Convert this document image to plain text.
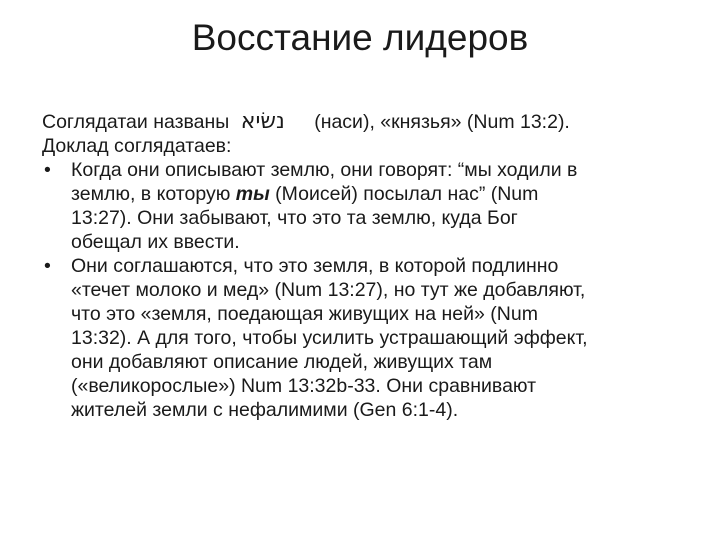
Восстание лидеров
Соглядатаи названы נשׂיא (наси), «князья» (Num 13:2).
Доклад соглядатаев:
• Когда они описывают землю, они говорят: “мы ходили в
землю, в которую ты (Моисей) посылал нас” (Num
13:27). Они забывают, что это та землю, куда Бог
обещал их ввести.
• Они соглашаются, что это земля, в которой подлинно
«течет молоко и мед» (Num 13:27), но тут же добавляют,
что это «земля, поедающая живущих на ней» (Num
13:32). А для того, чтобы усилить устрашающий эффект,
они добавляют описание людей, живущих там
(«великорослые») Num 13:32b-33. Они сравнивают
жителей земли с нефалимими (Gen 6:1-4).
